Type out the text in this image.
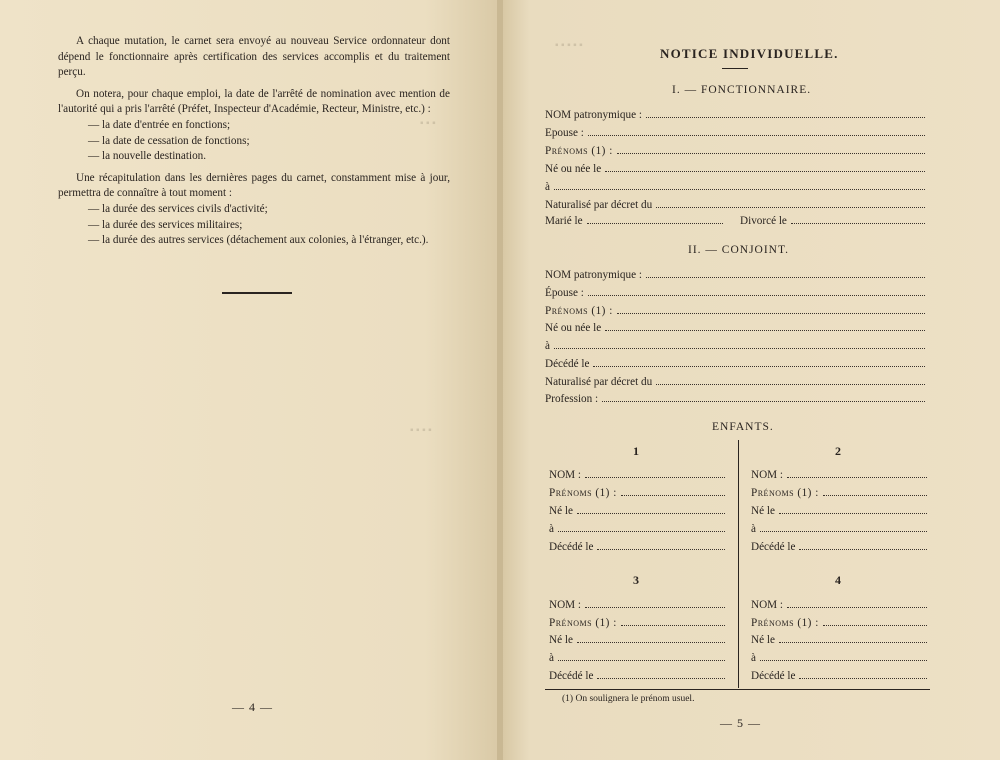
▪ ▪ ▪
▪ ▪ ▪ ▪
▪ ▪ ▪ ▪ ▪

A chaque mutation, le carnet sera envoyé au nouveau Service ordonnateur dont dépend le fonctionnaire après certification des services accomplis et du traitement perçu.

On notera, pour chaque emploi, la date de l'arrêté de nomination avec mention de l'autorité qui a pris l'arrêté (Préfet, Inspecteur d'Académie, Recteur, Ministre, etc.) :

— la date d'entrée en fonctions;

— la date de cessation de fonctions;

— la nouvelle destination.

Une récapitulation dans les dernières pages du carnet, constamment mise à jour, permettra de connaître à tout moment :

— la durée des services civils d'activité;

— la durée des services militaires;

— la durée des autres services (détachement aux colonies, à l'étranger, etc.).

— 4 —
NOTICE INDIVIDUELLE.
I. — FONCTIONNAIRE.
NOM patronymique :
Epouse :
Prénoms (1) :
Né ou née le
à
Naturalisé par décret du
Marié le	Divorcé le
II. — CONJOINT.
NOM patronymique :
Épouse :
Prénoms (1) :
Né ou née le
à
Décédé le
Naturalisé par décret du
Profession :
ENFANTS.
1
NOM :
Prénoms (1) :
Né le
à
Décédé le
2
NOM :
Prénoms (1) :
Né le
à
Décédé le
3
NOM :
Prénoms (1) :
Né le
à
Décédé le
4
NOM :
Prénoms (1) :
Né le
à
Décédé le
(1) On soulignera le prénom usuel.
— 5 —
